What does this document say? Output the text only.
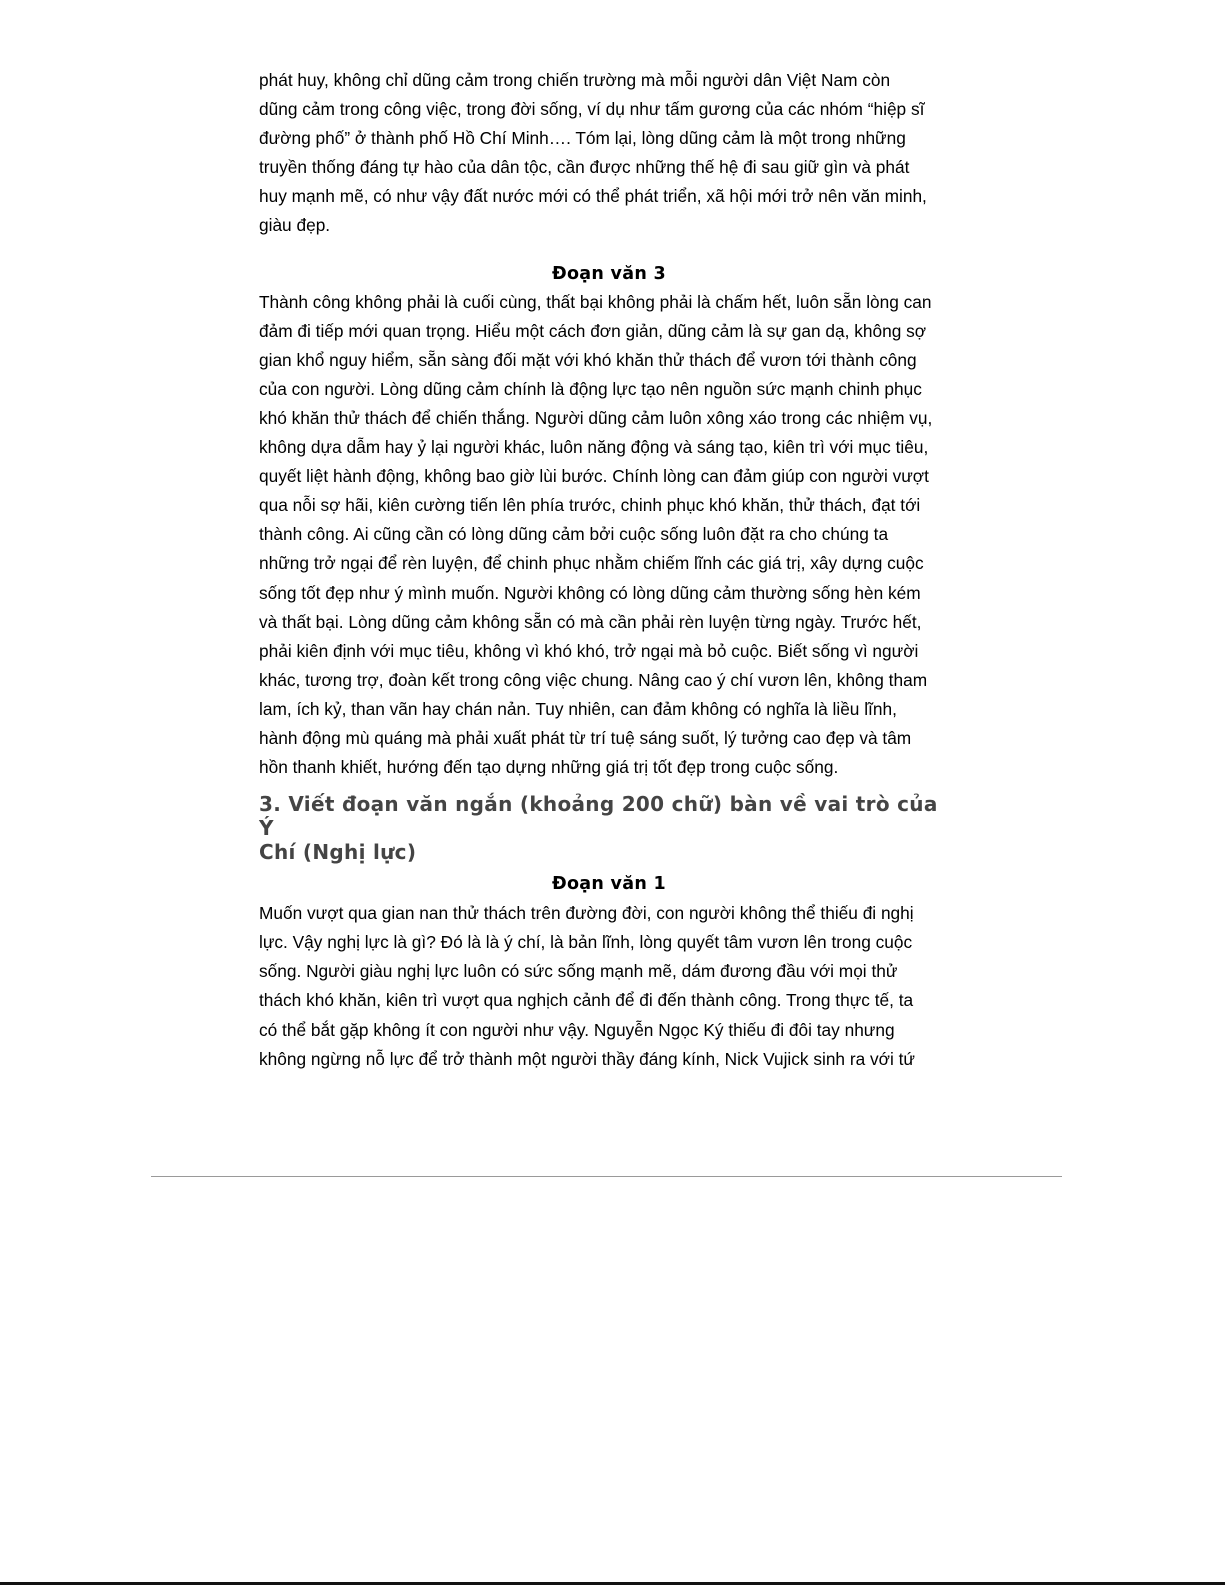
phát huy, không chỉ dũng cảm trong chiến trường mà mỗi người dân Việt Nam còn
dũng cảm trong công việc, trong đời sống, ví dụ như tấm gương của các nhóm “hiệp sĩ
đường phố” ở thành phố Hồ Chí Minh…. Tóm lại, lòng dũng cảm là một trong những
truyền thống đáng tự hào của dân tộc, cần được những thế hệ đi sau giữ gìn và phát
huy mạnh mẽ, có như vậy đất nước mới có thể phát triển, xã hội mới trở nên văn minh,
giàu đẹp.
Đoạn văn 3
Thành công không phải là cuối cùng, thất bại không phải là chấm hết, luôn sẵn lòng can
đảm đi tiếp mới quan trọng. Hiểu một cách đơn giản, dũng cảm là sự gan dạ, không sợ
gian khổ nguy hiểm, sẵn sàng đối mặt với khó khăn thử thách để vươn tới thành công
của con người. Lòng dũng cảm chính là động lực tạo nên nguồn sức mạnh chinh phục
khó khăn thử thách để chiến thắng. Người dũng cảm luôn xông xáo trong các nhiệm vụ,
không dựa dẫm hay ỷ lại người khác, luôn năng động và sáng tạo, kiên trì với mục tiêu,
quyết liệt hành động, không bao giờ lùi bước. Chính lòng can đảm giúp con người vượt
qua nỗi sợ hãi, kiên cường tiến lên phía trước, chinh phục khó khăn, thử thách, đạt tới
thành công. Ai cũng cần có lòng dũng cảm bởi cuộc sống luôn đặt ra cho chúng ta
những trở ngại để rèn luyện, để chinh phục nhằm chiếm lĩnh các giá trị, xây dựng cuộc
sống tốt đẹp như ý mình muốn. Người không có lòng dũng cảm thường sống hèn kém
và thất bại. Lòng dũng cảm không sẵn có mà cần phải rèn luyện từng ngày. Trước hết,
phải kiên định với mục tiêu, không vì khó khó, trở ngại mà bỏ cuộc. Biết sống vì người
khác, tương trợ, đoàn kết trong công việc chung. Nâng cao ý chí vươn lên, không tham
lam, ích kỷ, than vãn hay chán nản. Tuy nhiên, can đảm không có nghĩa là liều lĩnh,
hành động mù quáng mà phải xuất phát từ trí tuệ sáng suốt, lý tưởng cao đẹp và tâm
hồn thanh khiết, hướng đến tạo dựng những giá trị tốt đẹp trong cuộc sống.
3. Viết đoạn văn ngắn (khoảng 200 chữ) bàn về vai trò của Ý
Chí (Nghị lực)
Đoạn văn 1
Muốn vượt qua gian nan thử thách trên đường đời, con người không thể thiếu đi nghị
lực. Vậy nghị lực là gì? Đó là là ý chí, là bản lĩnh, lòng quyết tâm vươn lên trong cuộc
sống. Người giàu nghị lực luôn có sức sống mạnh mẽ, dám đương đầu với mọi thử
thách khó khăn, kiên trì vượt qua nghịch cảnh để đi đến thành công. Trong thực tế, ta
có thể bắt gặp không ít con người như vậy. Nguyễn Ngọc Ký thiếu đi đôi tay nhưng
không ngừng nỗ lực để trở thành một người thầy đáng kính, Nick Vujick sinh ra với tứ
